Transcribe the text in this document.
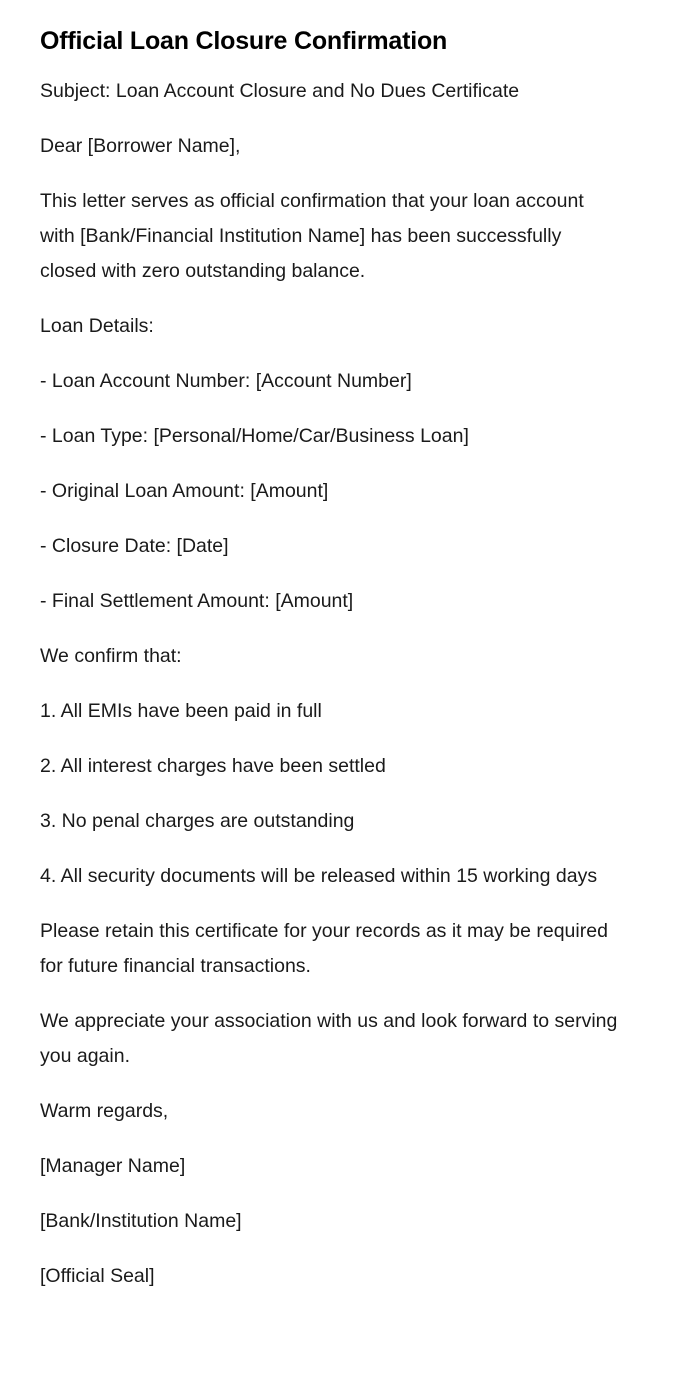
Official Loan Closure Confirmation

Subject: Loan Account Closure and No Dues Certificate

Dear [Borrower Name],

This letter serves as official confirmation that your loan account with [Bank/Financial Institution Name] has been successfully closed with zero outstanding balance.

Loan Details:

- Loan Account Number: [Account Number]
- Loan Type: [Personal/Home/Car/Business Loan]
- Original Loan Amount: [Amount]
- Closure Date: [Date]
- Final Settlement Amount: [Amount]

We confirm that:

1. All EMIs have been paid in full
2. All interest charges have been settled
3. No penal charges are outstanding
4. All security documents will be released within 15 working days

Please retain this certificate for your records as it may be required for future financial transactions.

We appreciate your association with us and look forward to serving you again.

Warm regards,

[Manager Name]

[Bank/Institution Name]

[Official Seal]
